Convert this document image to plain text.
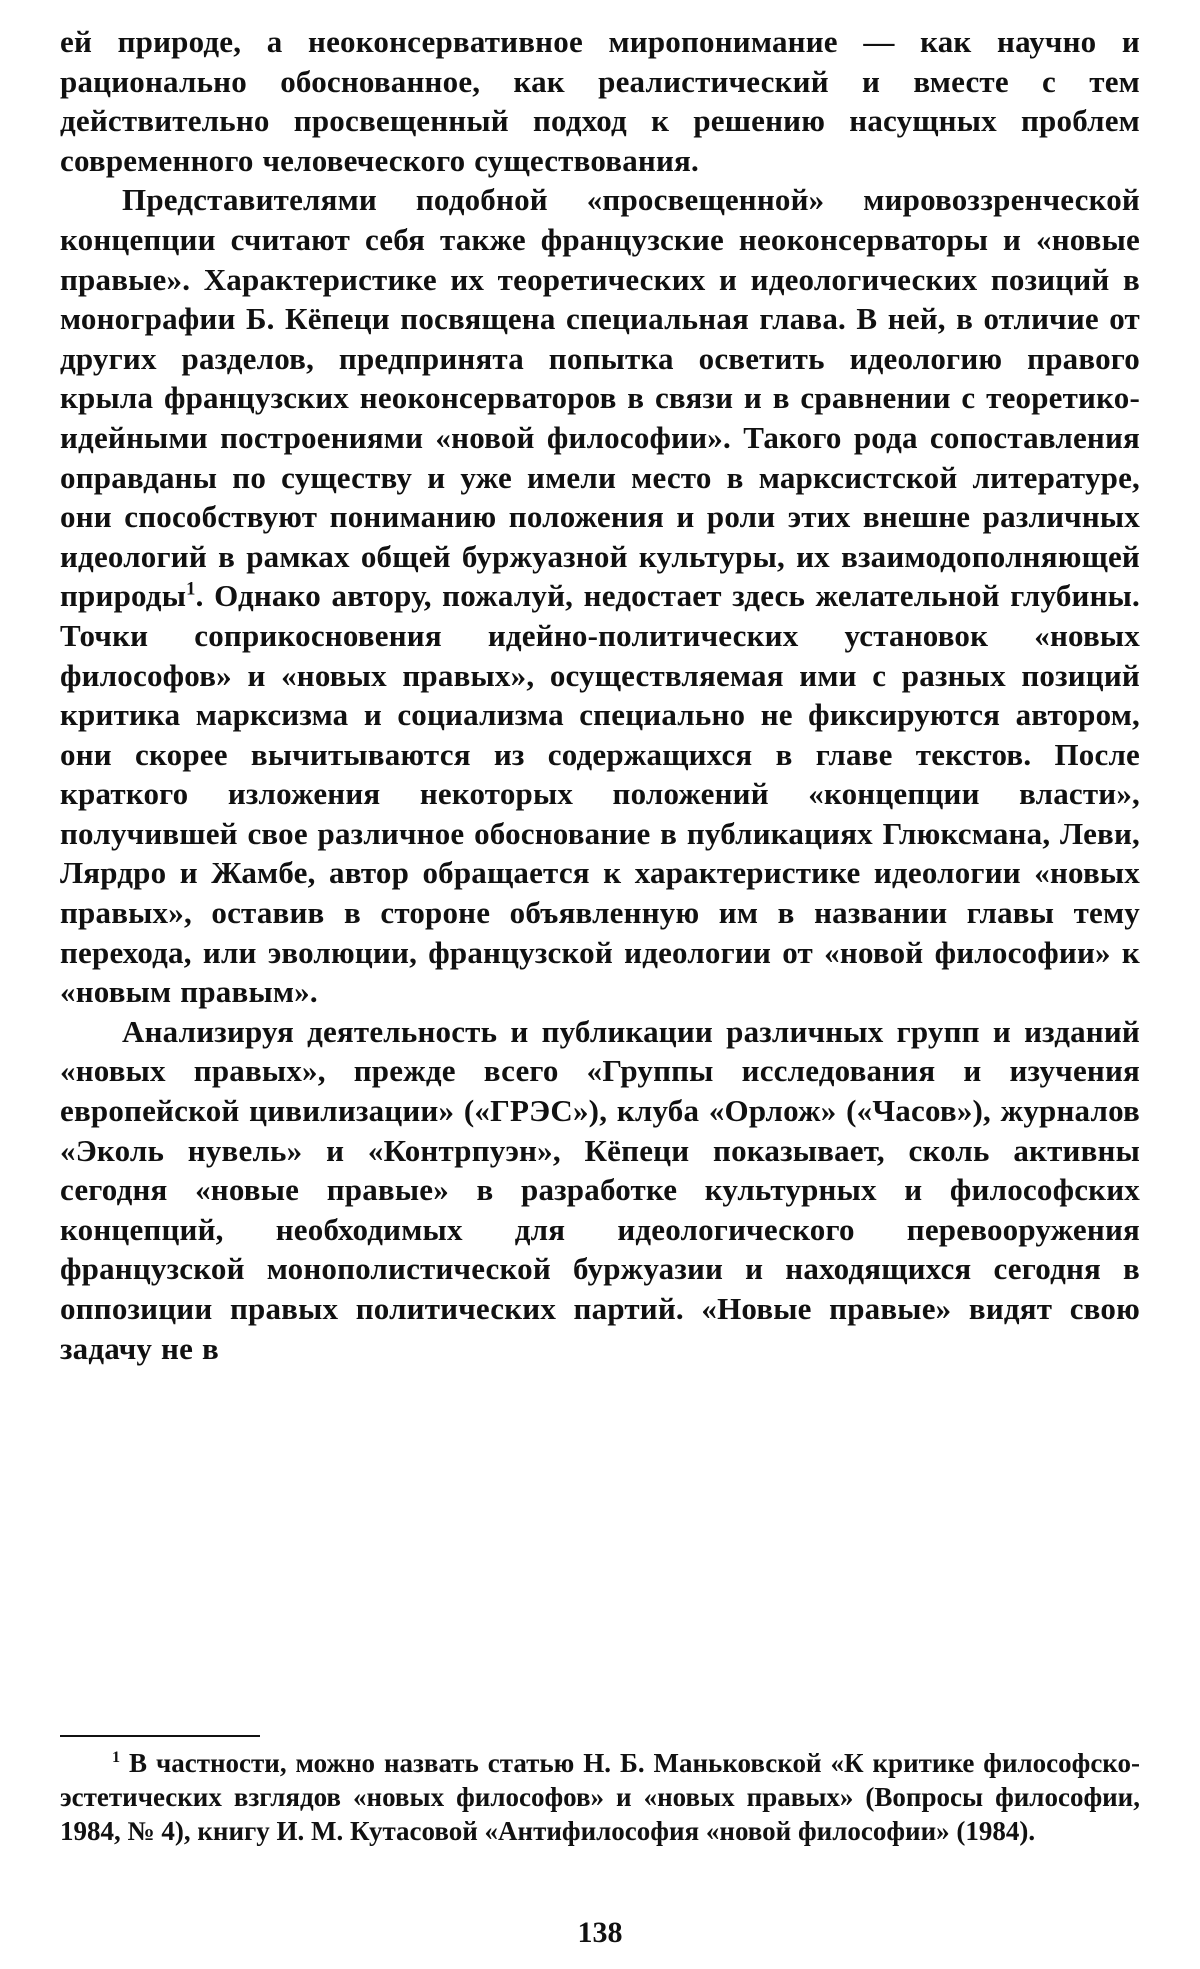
ей природе, а неоконсервативное миропонимание — как научно и рационально обоснованное, как реалистический и вместе с тем действительно просвещенный подход к решению насущных проблем современного человеческого существования.

Представителями подобной «просвещенной» мировоззренческой концепции считают себя также французские неоконсерваторы и «новые правые». Характеристике их теоретических и идеологических позиций в монографии Б. Кёпеци посвящена специальная глава. В ней, в отличие от других разделов, предпринята попытка осветить идеологию правого крыла французских неоконсерваторов в связи и в сравнении с теоретико-идейными построениями «новой философии». Такого рода сопоставления оправданы по существу и уже имели место в марксистской литературе, они способствуют пониманию положения и роли этих внешне различных идеологий в рамках общей буржуазной культуры, их взаимодополняющей природы$^1$. Однако автору, пожалуй, недостает здесь желательной глубины. Точки соприкосновения идейно-политических установок «новых философов» и «новых правых», осуществляемая ими с разных позиций критика марксизма и социализма специально не фиксируются автором, они скорее вычитываются из содержащихся в главе текстов. После краткого изложения некоторых положений «концепции власти», получившей свое различное обоснование в публикациях Глюксмана, Леви, Лярдро и Жамбе, автор обращается к характеристике идеологии «новых правых», оставив в стороне объявленную им в названии главы тему перехода, или эволюции, французской идеологии от «новой философии» к «новым правым».

Анализируя деятельность и публикации различных групп и изданий «новых правых», прежде всего «Группы исследования и изучения европейской цивилизации» («ГРЭС»), клуба «Орлож» («Часов»), журналов «Эколь нувель» и «Контрпуэн», Кёпеци показывает, сколь активны сегодня «новые правые» в разработке культурных и философских концепций, необходимых для идеологического перевооружения французской монополистической буржуазии и находящихся сегодня в оппозиции правых политических партий. «Новые правые» видят свою задачу не в

$^1$ В частности, можно назвать статью Н. Б. Маньковской «К критике философско-эстетических взглядов «новых философов» и «новых правых» (Вопросы философии, 1984, № 4), книгу И. М. Кутасовой «Антифилософия «новой философии» (1984).

138
